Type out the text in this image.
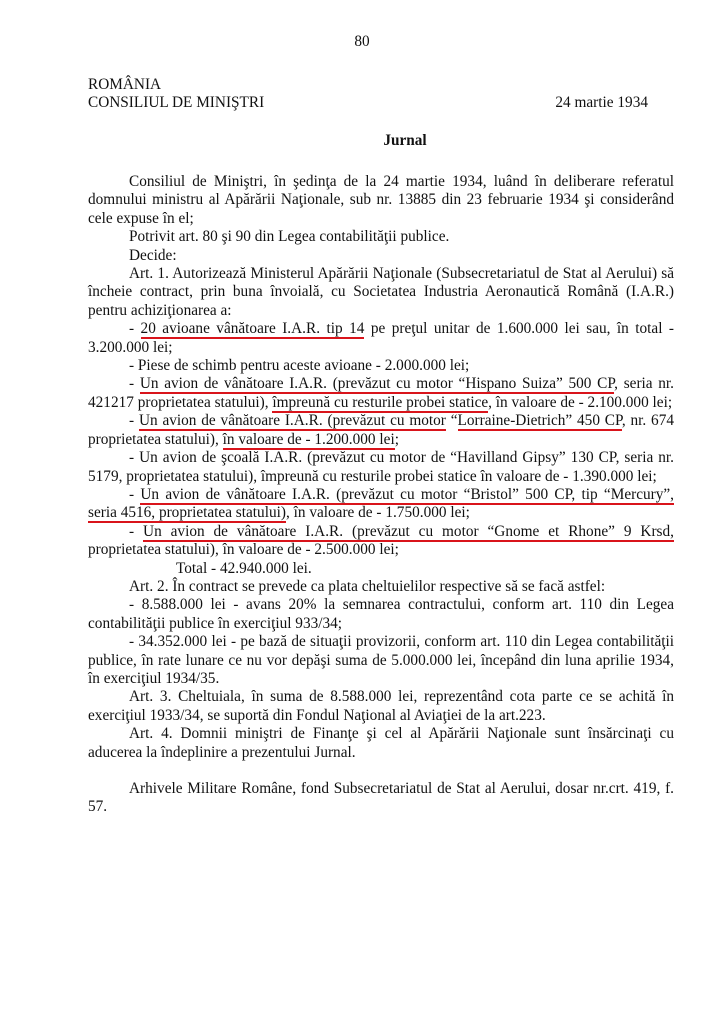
80
ROMÂNIA
CONSILIUL DE MINIŞTRI	24 martie 1934
Jurnal

Consiliul de Miniştri, în şedinţa de la 24 martie 1934, luând în deliberare referatul domnului ministru al Apărării Naţionale, sub nr. 13885 din 23 februarie 1934 şi considerând cele expuse în el;

Potrivit art. 80 şi 90 din Legea contabilităţii publice.

Decide:

Art. 1. Autorizează Ministerul Apărării Naţionale (Subsecretariatul de Stat al Aerului) să încheie contract, prin buna învoială, cu Societatea Industria Aeronautică Română (I.A.R.) pentru achiziţionarea a:

- 20 avioane vânătoare I.A.R. tip 14 pe preţul unitar de 1.600.000 lei sau, în total - 3.200.000 lei;

- Piese de schimb pentru aceste avioane - 2.000.000 lei;

- Un avion de vânătoare I.A.R. (prevăzut cu motor “Hispano Suiza” 500 CP, seria nr. 421217 proprietatea statului), împreună cu resturile probei statice, în valoare de - 2.100.000 lei;

- Un avion de vânătoare I.A.R. (prevăzut cu motor “Lorraine-Dietrich” 450 CP, nr. 674 proprietatea statului), în valoare de - 1.200.000 lei;

- Un avion de şcoală I.A.R. (prevăzut cu motor de “Havilland Gipsy” 130 CP, seria nr. 5179, proprietatea statului), împreună cu resturile probei statice în valoare de - 1.390.000 lei;

- Un avion de vânătoare I.A.R. (prevăzut cu motor “Bristol” 500 CP, tip “Mercury”, seria 4516, proprietatea statului), în valoare de - 1.750.000 lei;

- Un avion de vânătoare I.A.R. (prevăzut cu motor “Gnome et Rhone” 9 Krsd, proprietatea statului), în valoare de - 2.500.000 lei;

Total - 42.940.000 lei.

Art. 2. În contract se prevede ca plata cheltuielilor respective să se facă astfel:

- 8.588.000 lei - avans 20% la semnarea contractului, conform art. 110 din Legea contabilităţii publice în exerciţiul 933/34;

- 34.352.000 lei - pe bază de situaţii provizorii, conform art. 110 din Legea contabilităţii publice, în rate lunare ce nu vor depăşi suma de 5.000.000 lei, începând din luna aprilie 1934, în exerciţiul 1934/35.

Art. 3. Cheltuiala, în suma de 8.588.000 lei, reprezentând cota parte ce se achită în exerciţiul 1933/34, se suportă din Fondul Naţional al Aviaţiei de la art.223.

Art. 4. Domnii miniştri de Finanţe şi cel al Apărării Naţionale sunt însărcinaţi cu aducerea la îndeplinire a prezentului Jurnal.

Arhivele Militare Române, fond Subsecretariatul de Stat al Aerului, dosar nr.crt. 419, f. 57.
